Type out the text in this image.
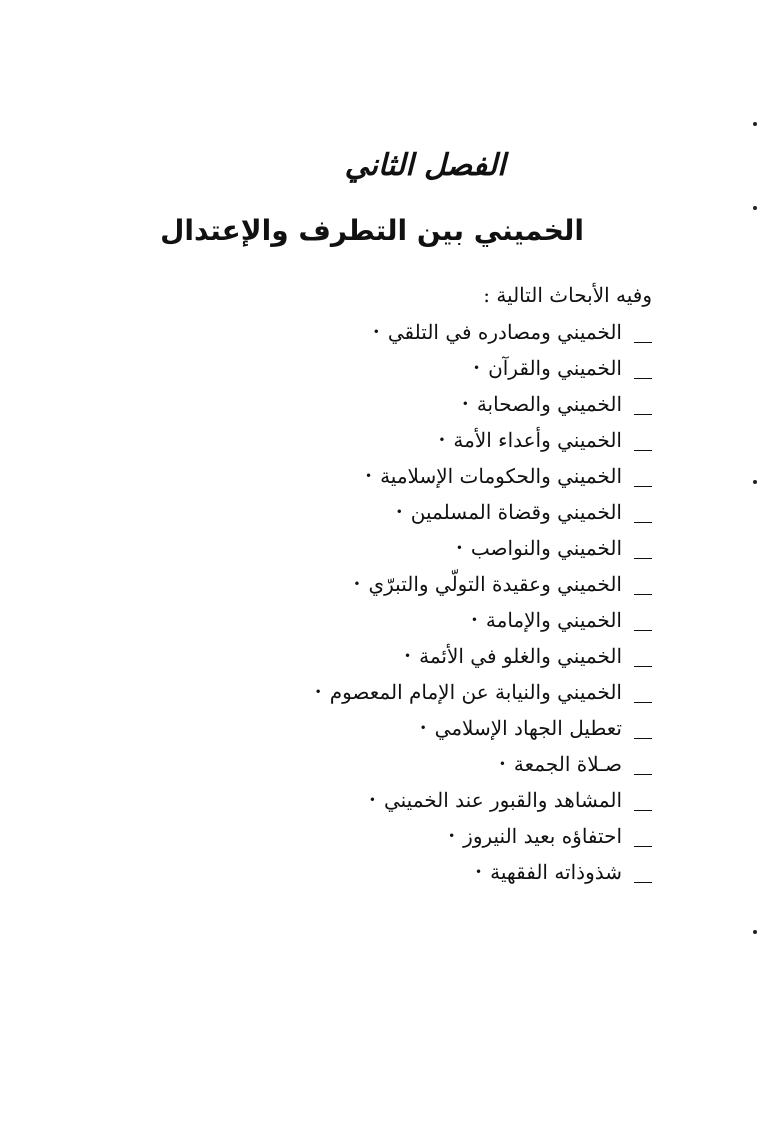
الفصل الثاني
الخميني بين التطرف والإعتدال
وفيه الأبحاث التالية :
الخميني ومصادره في التلقي
•
الخميني والقرآن
•
الخميني والصحابة
•
الخميني وأعداء الأمة
•
الخميني والحكومات الإسلامية
•
الخميني وقضاة المسلمين
•
الخميني والنواصب
•
الخميني وعقيدة التولّي والتبرّي
•
الخميني والإمامة
•
الخميني والغلو في الأئمة
•
الخميني والنيابة عن الإمام المعصوم
•
تعطيل الجهاد الإسلامي
•
صـلاة الجمعة
•
المشاهد والقبور عند الخميني
•
احتفاؤه بعيد النيروز
•
شذوذاته الفقهية
•
